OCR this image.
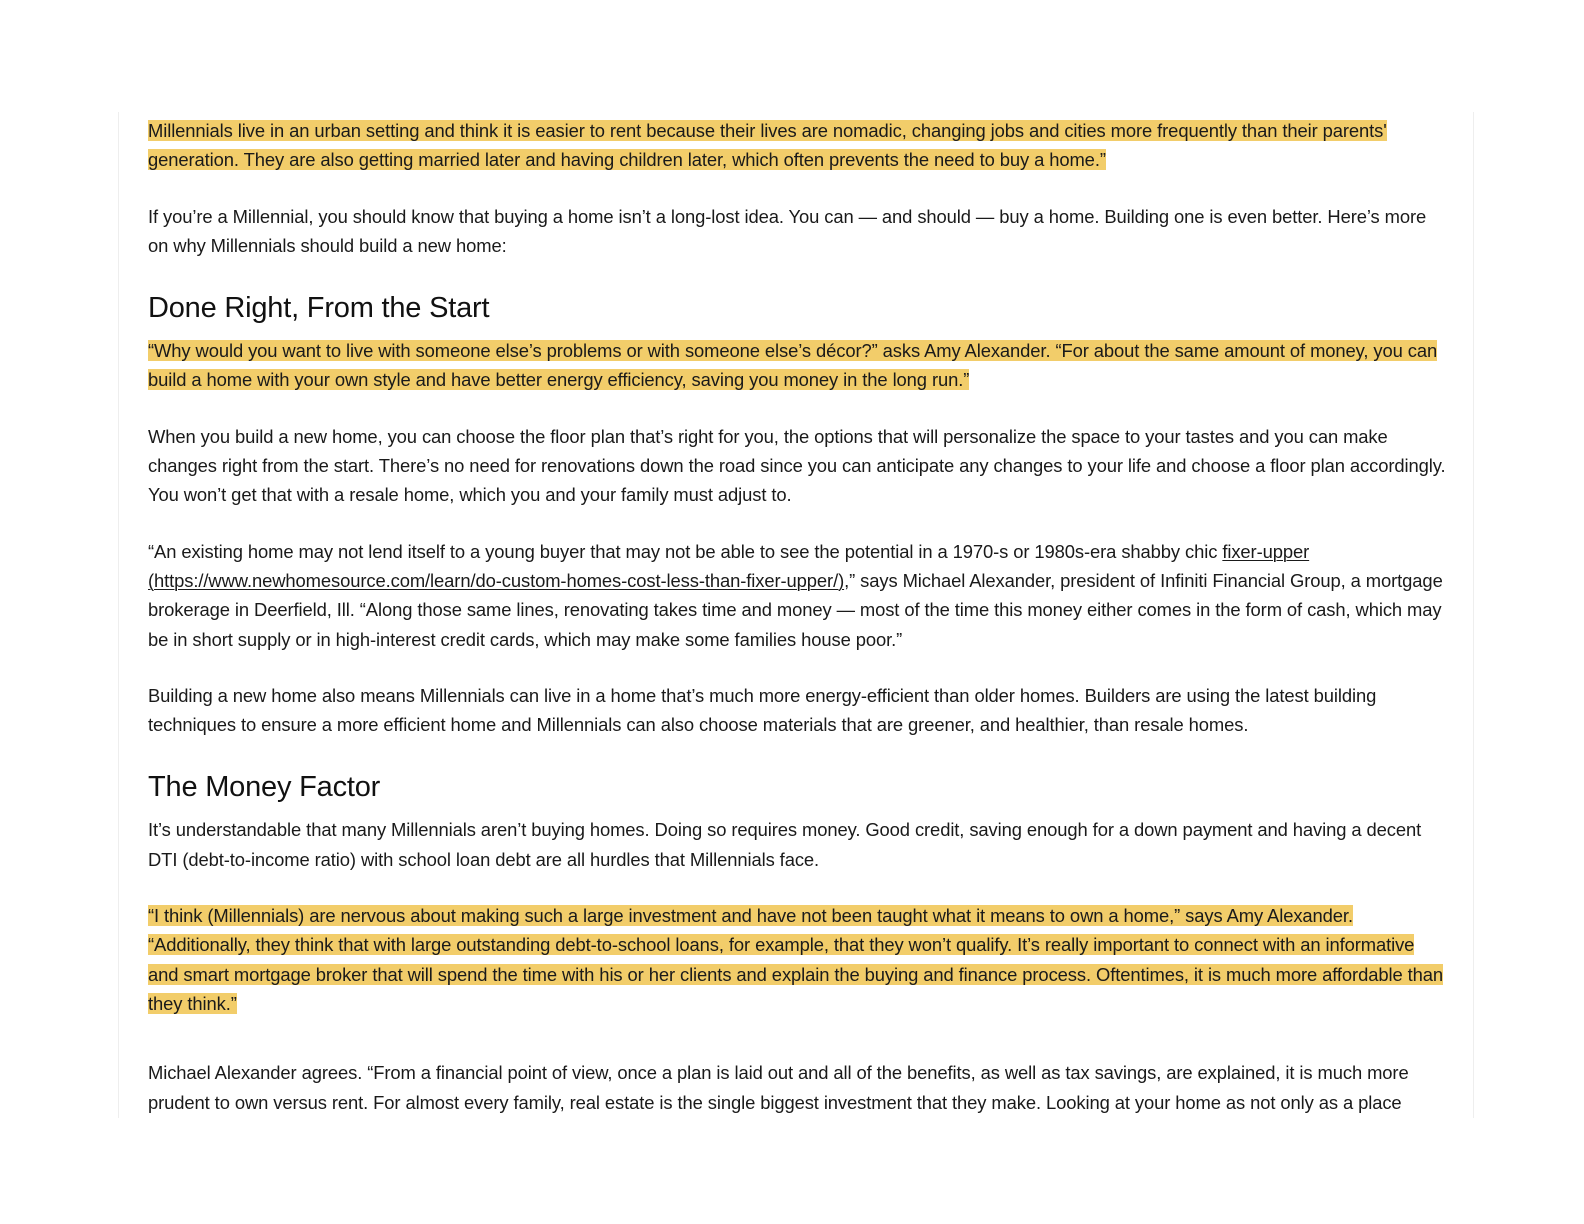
Millennials live in an urban setting and think it is easier to rent because their lives are nomadic, changing jobs and cities more frequently than their parents' generation. They are also getting married later and having children later, which often prevents the need to buy a home.”

If you’re a Millennial, you should know that buying a home isn’t a long-lost idea. You can — and should — buy a home. Building one is even better. Here’s more on why Millennials should build a new home:

Done Right, From the Start

“Why would you want to live with someone else’s problems or with someone else’s décor?” asks Amy Alexander. “For about the same amount of money, you can build a home with your own style and have better energy efficiency, saving you money in the long run.”

When you build a new home, you can choose the floor plan that’s right for you, the options that will personalize the space to your tastes and you can make changes right from the start. There’s no need for renovations down the road since you can anticipate any changes to your life and choose a floor plan accordingly. You won’t get that with a resale home, which you and your family must adjust to.

“An existing home may not lend itself to a young buyer that may not be able to see the potential in a 1970-s or 1980s-era shabby chic fixer-upper (https://www.newhomesource.com/learn/do-custom-homes-cost-less-than-fixer-upper/),” says Michael Alexander, president of Infiniti Financial Group, a mortgage brokerage in Deerfield, Ill. “Along those same lines, renovating takes time and money — most of the time this money either comes in the form of cash, which may be in short supply or in high-interest credit cards, which may make some families house poor.”

Building a new home also means Millennials can live in a home that’s much more energy-efficient than older homes. Builders are using the latest building techniques to ensure a more efficient home and Millennials can also choose materials that are greener, and healthier, than resale homes.

The Money Factor

It’s understandable that many Millennials aren’t buying homes. Doing so requires money. Good credit, saving enough for a down payment and having a decent DTI (debt-to-income ratio) with school loan debt are all hurdles that Millennials face.

“I think (Millennials) are nervous about making such a large investment and have not been taught what it means to own a home,” says Amy Alexander. “Additionally, they think that with large outstanding debt-to-school loans, for example, that they won’t qualify. It’s really important to connect with an informative and smart mortgage broker that will spend the time with his or her clients and explain the buying and finance process. Oftentimes, it is much more affordable than they think.”

Michael Alexander agrees. “From a financial point of view, once a plan is laid out and all of the benefits, as well as tax savings, are explained, it is much more prudent to own versus rent. For almost every family, real estate is the single biggest investment that they make. Looking at your home as not only as a place
